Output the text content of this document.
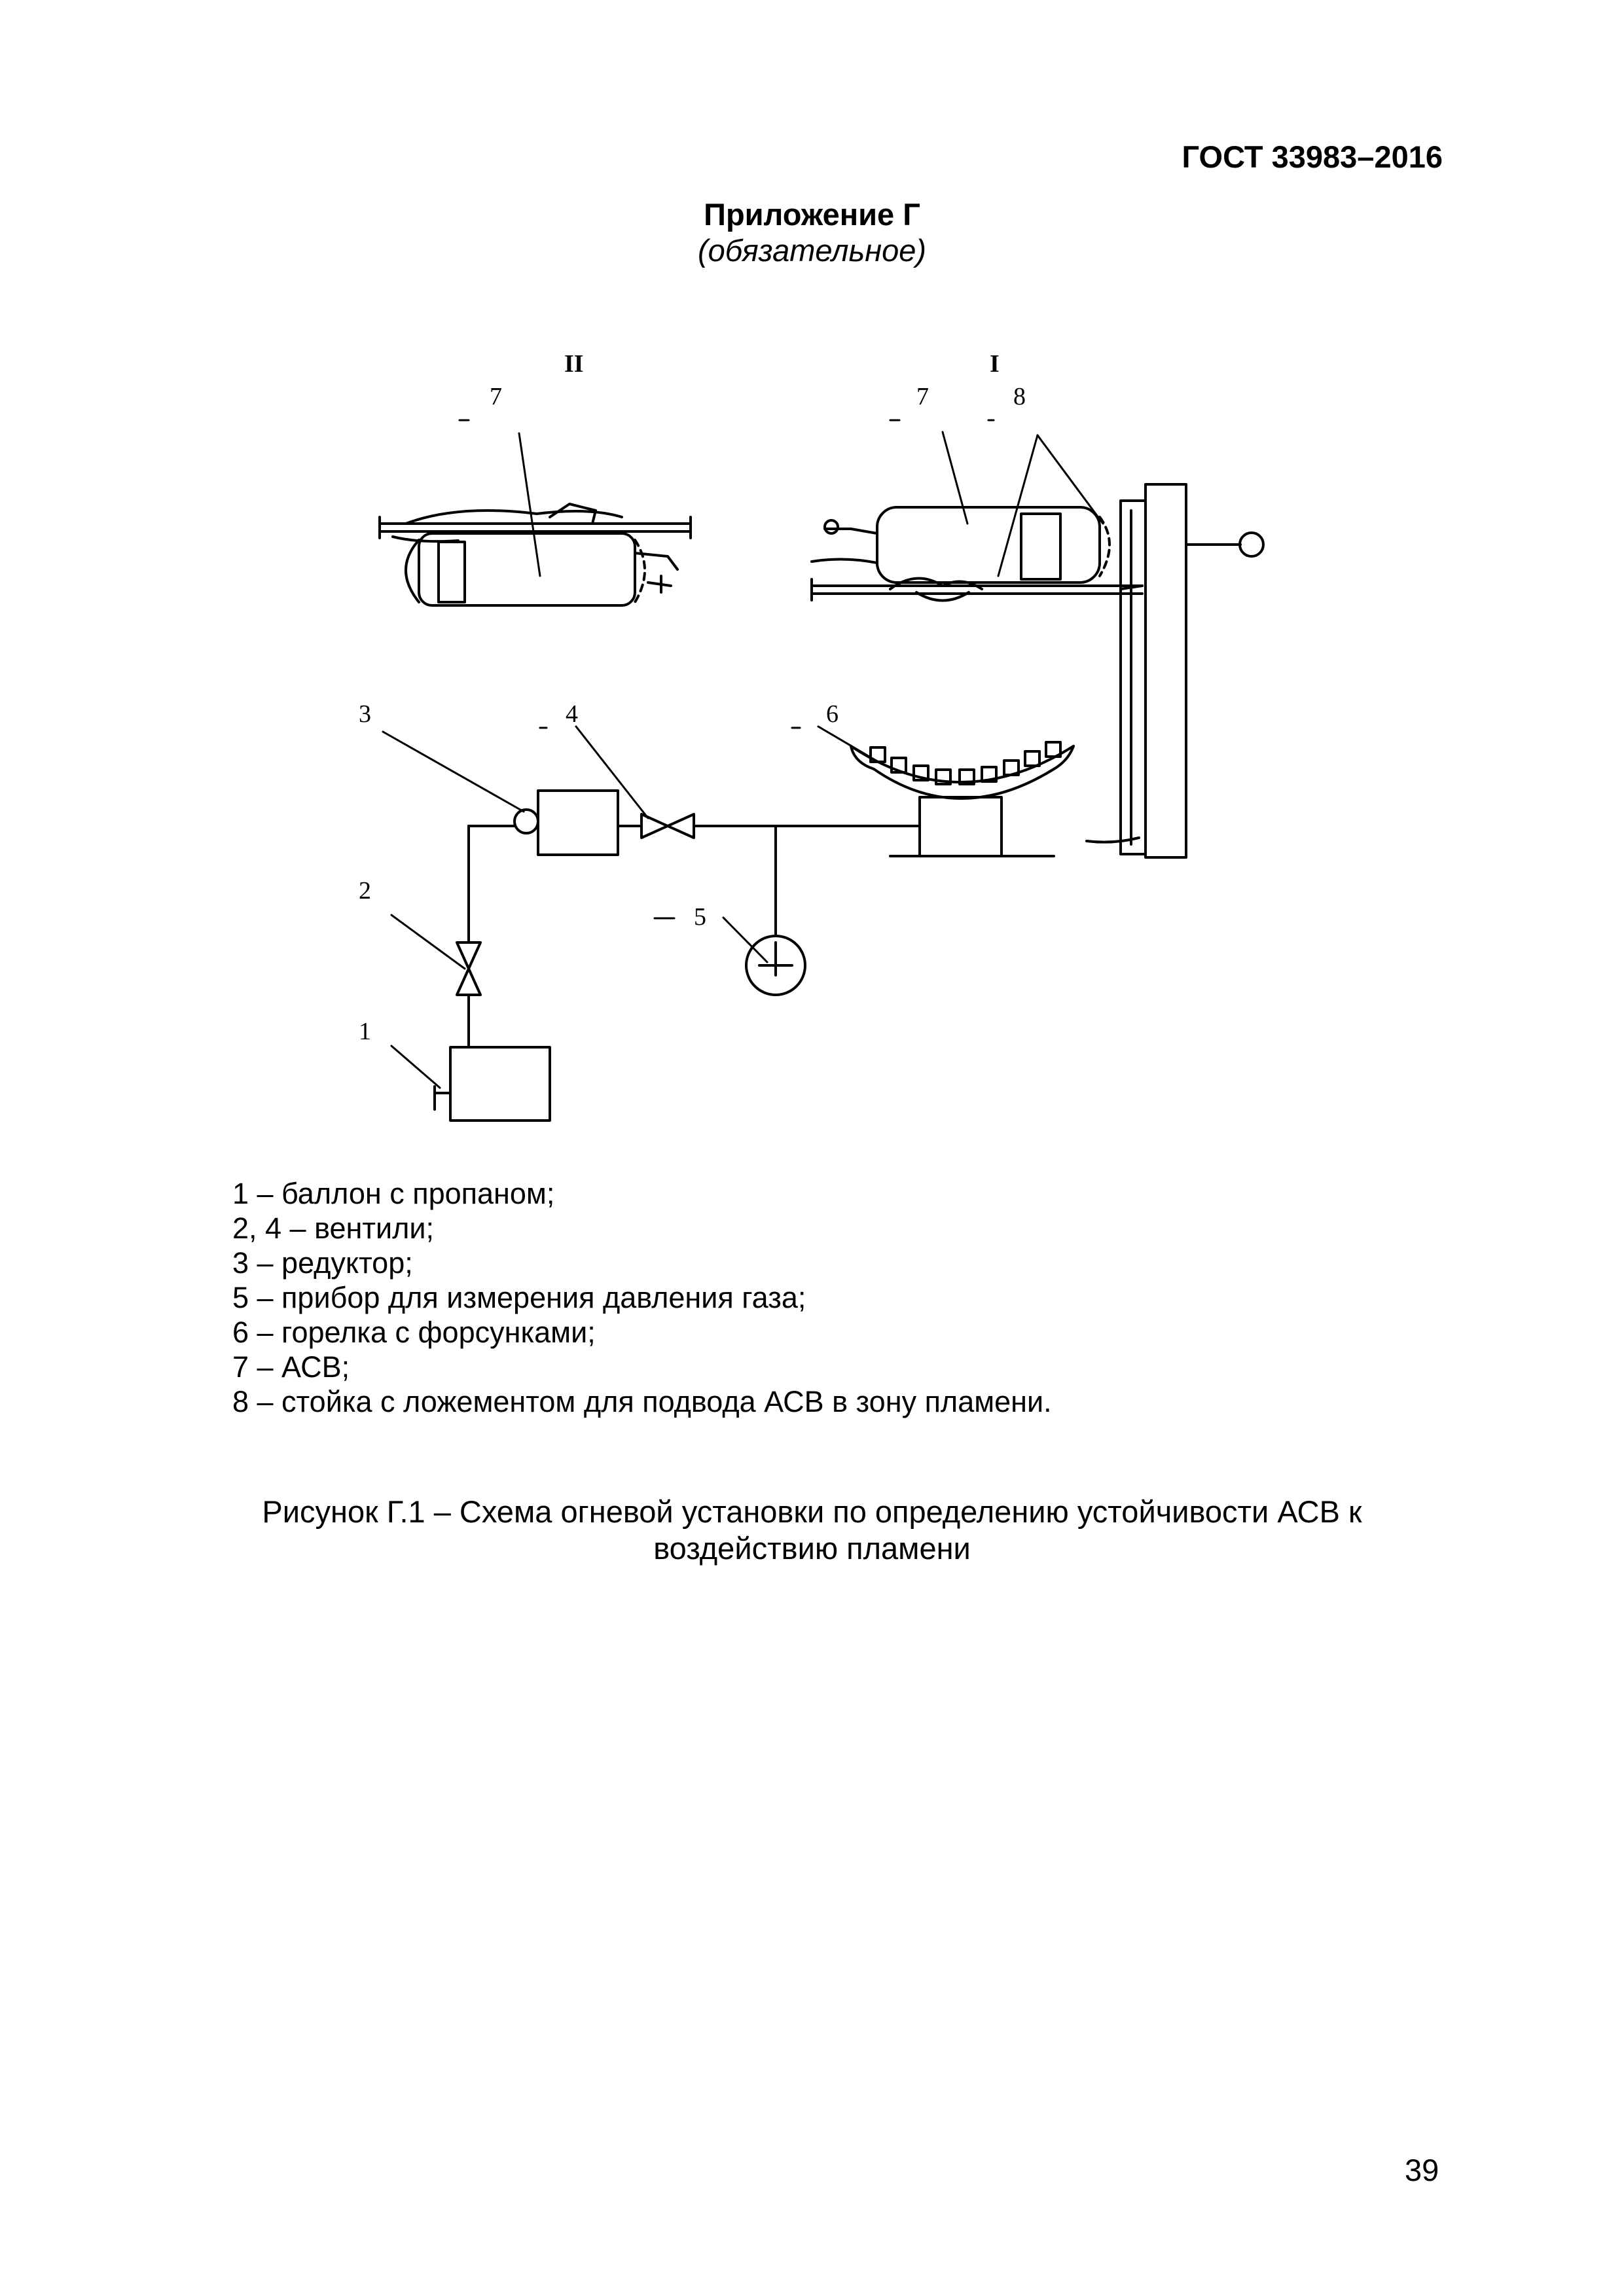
ГОСТ 33983–2016
Приложение Г
(обязательное)
II	I
7	7	8
3	4	6
2
5
1
1 – баллон с пропаном;
2, 4 – вентили;
3 – редуктор;
5 – прибор для измерения давления газа;
6 – горелка с форсунками;
7 – АСВ;
8 – стойка с ложементом для подвода АСВ в зону пламени.
Рисунок Г.1 – Схема огневой установки по определению устойчивости АСВ к
воздействию пламени
39
